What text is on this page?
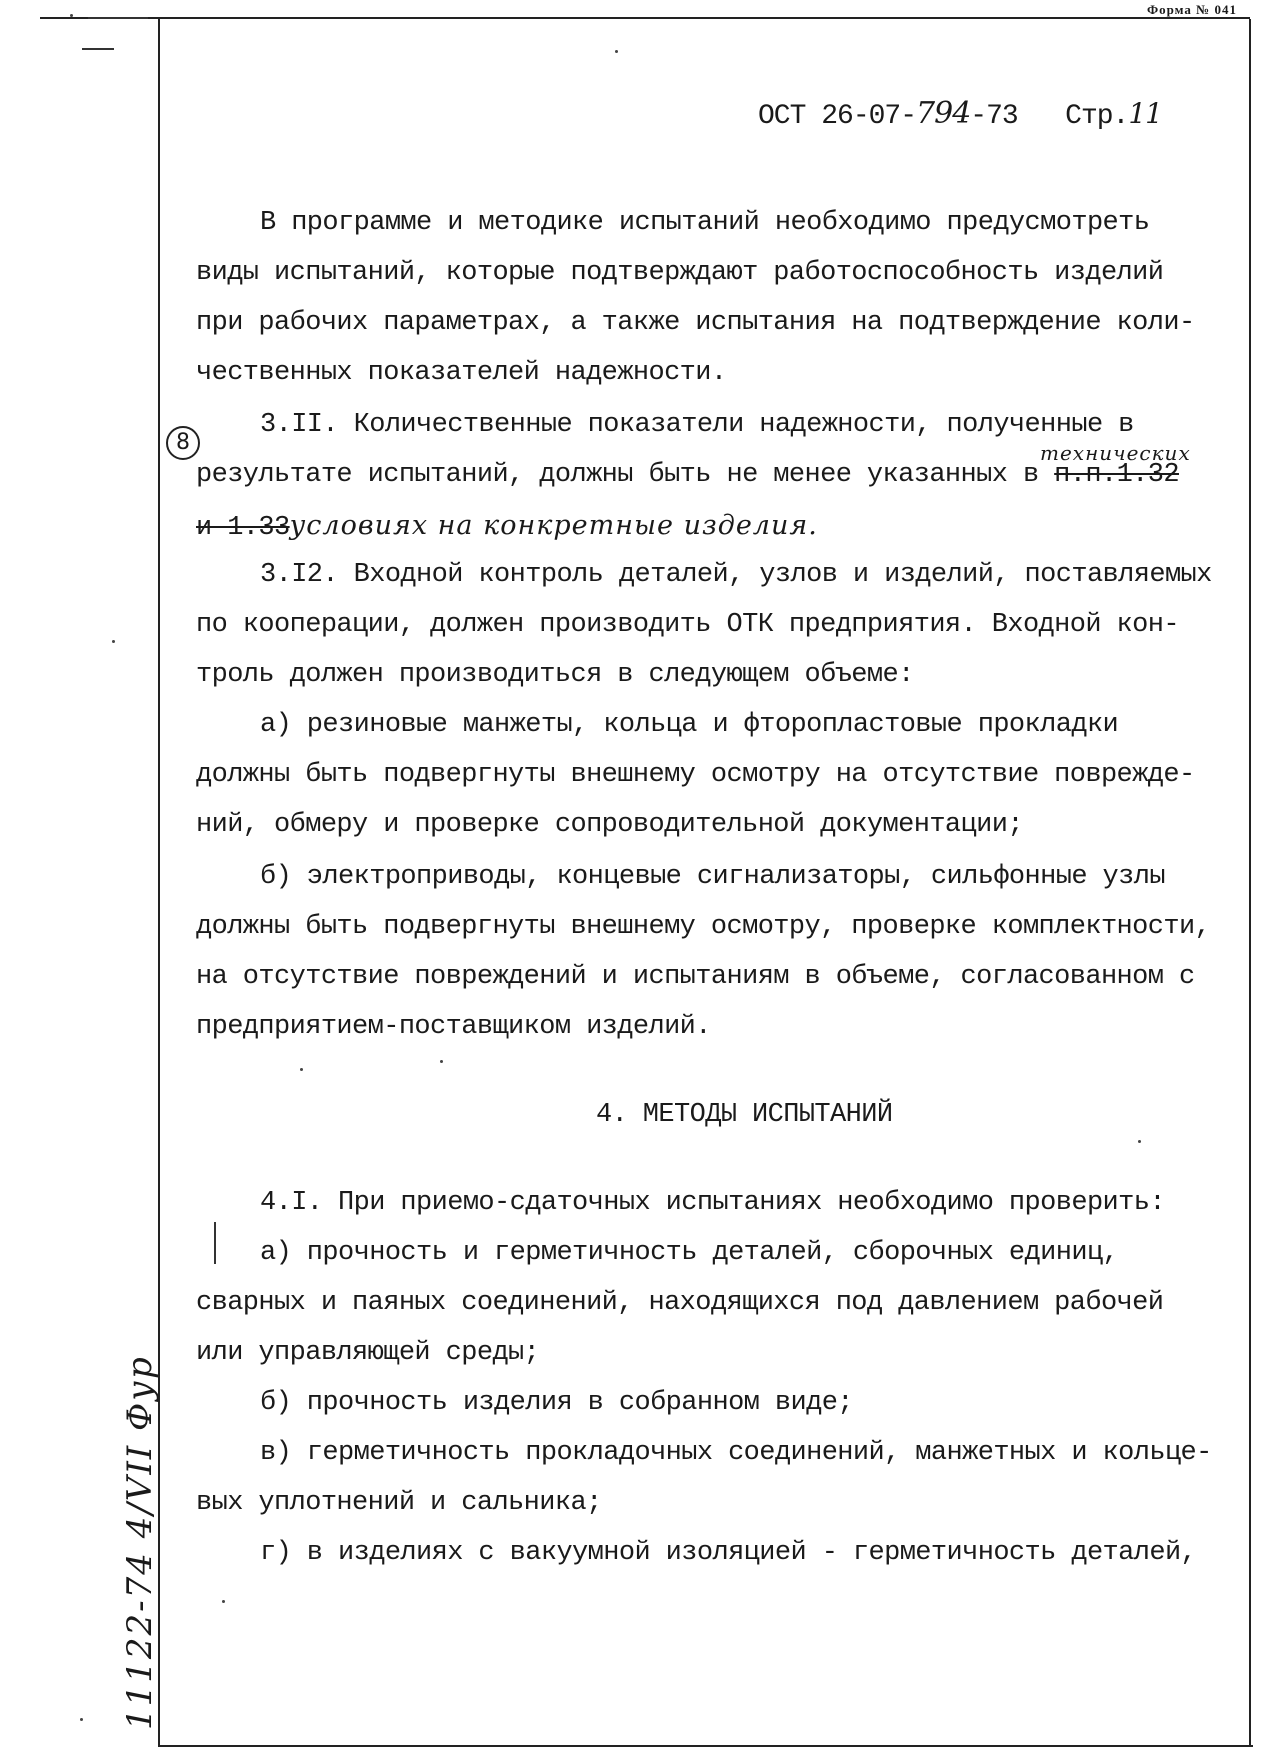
Форма № 041
ОСТ 26-07-794-73 Стр.11
В программе и методике испытаний необходимо предусмотреть
виды испытаний, которые подтверждают работоспособность изделий
при рабочих параметрах, а также испытания на подтверждение коли-
чественных показателей надежности.
8
3.II. Количественные показатели надежности, полученные в
технических
результате испытаний, должны быть не менее указанных в п.п.1.32
и 1.33условиях на конкретные изделия.
3.I2. Входной контроль деталей, узлов и изделий, поставляемых
по кооперации, должен производить ОТК предприятия. Входной кон-
троль должен производиться в следующем объеме:
а) резиновые манжеты, кольца и фторопластовые прокладки
должны быть подвергнуты внешнему осмотру на отсутствие поврежде-
ний, обмеру и проверке сопроводительной документации;
б) электроприводы, концевые сигнализаторы, сильфонные узлы
должны быть подвергнуты внешнему осмотру, проверке комплектности,
на отсутствие повреждений и испытаниям в объеме, согласованном с
предприятием-поставщиком изделий.
4. МЕТОДЫ ИСПЫТАНИЙ
4.I. При приемо-сдаточных испытаниях необходимо проверить:
а) прочность и герметичность деталей, сборочных единиц,
сварных и паяных соединений, находящихся под давлением рабочей
или управляющей среды;
б) прочность изделия в собранном виде;
в) герметичность прокладочных соединений, манжетных и кольце-
вых уплотнений и сальника;
г) в изделиях с вакуумной изоляцией - герметичность деталей,
11122-74 4/VII Фур
